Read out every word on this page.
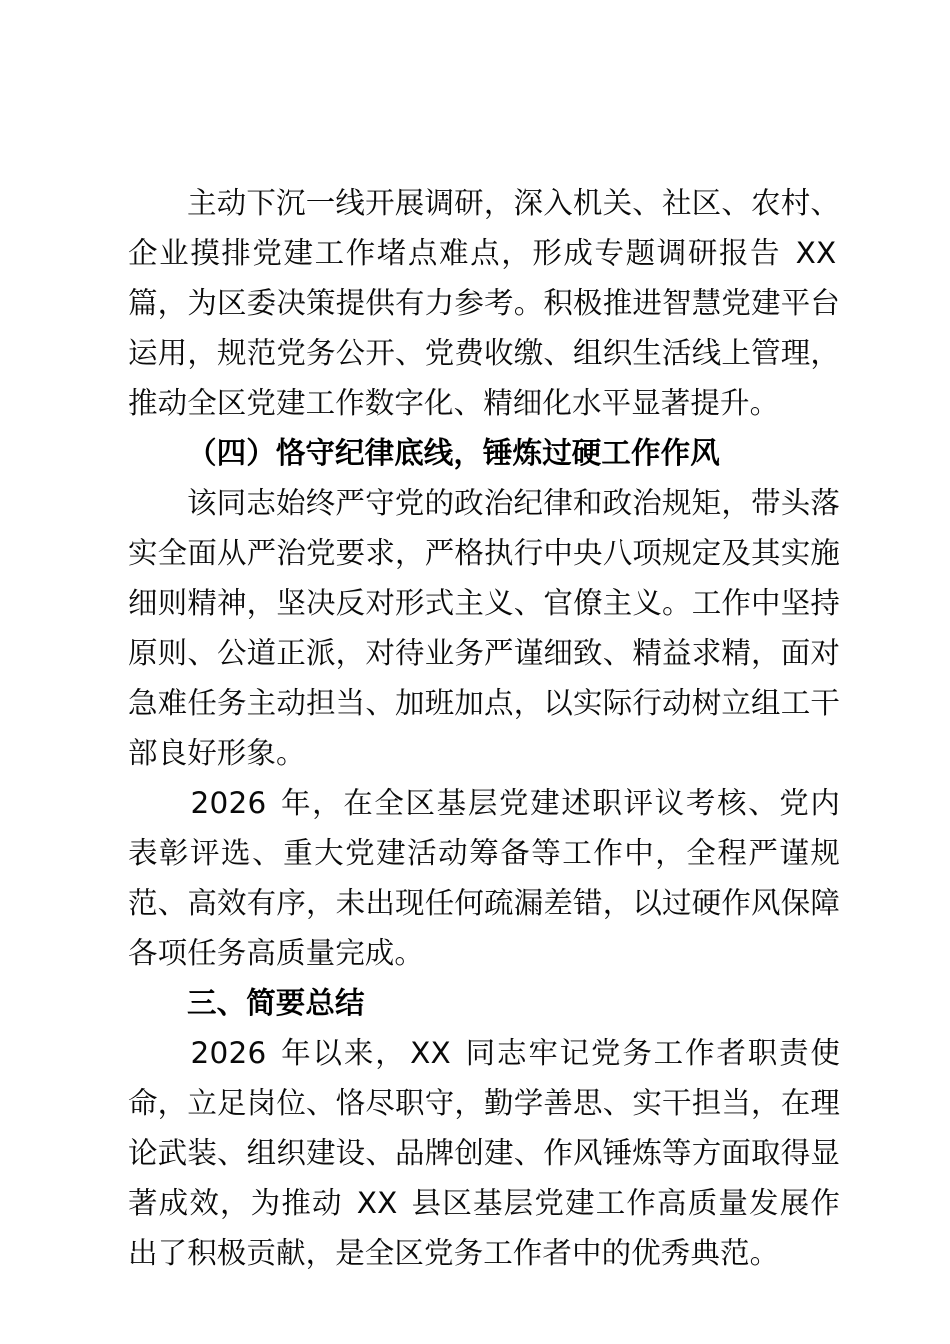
主动下沉一线开展调研，深入机关、社区、农村、企业摸排党建工作堵点难点，形成专题调研报告 XX 篇，为区委决策提供有力参考。积极推进智慧党建平台运用，规范党务公开、党费收缴、组织生活线上管理，推动全区党建工作数字化、精细化水平显著提升。

（四）恪守纪律底线，锤炼过硬工作作风

该同志始终严守党的政治纪律和政治规矩，带头落实全面从严治党要求，严格执行中央八项规定及其实施细则精神，坚决反对形式主义、官僚主义。工作中坚持原则、公道正派，对待业务严谨细致、精益求精，面对急难任务主动担当、加班加点，以实际行动树立组工干部良好形象。

2026 年，在全区基层党建述职评议考核、党内表彰评选、重大党建活动筹备等工作中，全程严谨规范、高效有序，未出现任何疏漏差错，以过硬作风保障各项任务高质量完成。

三、简要总结

2026 年以来， XX 同志牢记党务工作者职责使命，立足岗位、恪尽职守，勤学善思、实干担当，在理论武装、组织建设、品牌创建、作风锤炼等方面取得显著成效，为推动 XX 县区基层党建工作高质量发展作出了积极贡献，是全区党务工作者中的优秀典范。
